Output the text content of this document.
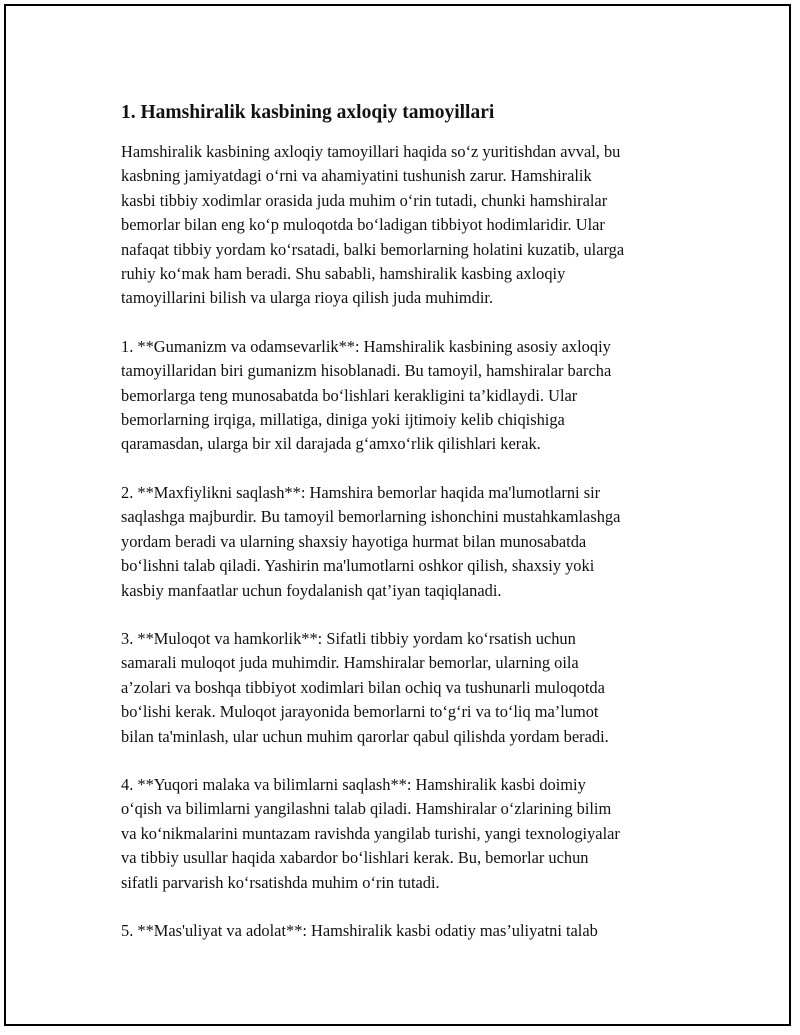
1. Hamshiralik kasbining axloqiy tamoyillari

Hamshiralik kasbining axloqiy tamoyillari haqida so‘z yuritishdan avval, bu
kasbning jamiyatdagi o‘rni va ahamiyatini tushunish zarur. Hamshiralik
kasbi tibbiy xodimlar orasida juda muhim o‘rin tutadi, chunki hamshiralar
bemorlar bilan eng ko‘p muloqotda bo‘ladigan tibbiyot hodimlaridir. Ular
nafaqat tibbiy yordam ko‘rsatadi, balki bemorlarning holatini kuzatib, ularga
ruhiy ko‘mak ham beradi. Shu sababli, hamshiralik kasbing axloqiy
tamoyillarini bilish va ularga rioya qilish juda muhimdir.

1. **Gumanizm va odamsevarlik**: Hamshiralik kasbining asosiy axloqiy
tamoyillaridan biri gumanizm hisoblanadi. Bu tamoyil, hamshiralar barcha
bemorlarga teng munosabatda bo‘lishlari kerakligini ta’kidlaydi. Ular
bemorlarning irqiga, millatiga, diniga yoki ijtimoiy kelib chiqishiga
qaramasdan, ularga bir xil darajada g‘amxo‘rlik qilishlari kerak.

2. **Maxfiylikni saqlash**: Hamshira bemorlar haqida ma'lumotlarni sir
saqlashga majburdir. Bu tamoyil bemorlarning ishonchini mustahkamlashga
yordam beradi va ularning shaxsiy hayotiga hurmat bilan munosabatda
bo‘lishni talab qiladi. Yashirin ma'lumotlarni oshkor qilish, shaxsiy yoki
kasbiy manfaatlar uchun foydalanish qat’iyan taqiqlanadi.

3. **Muloqot va hamkorlik**: Sifatli tibbiy yordam ko‘rsatish uchun
samarali muloqot juda muhimdir. Hamshiralar bemorlar, ularning oila
a’zolari va boshqa tibbiyot xodimlari bilan ochiq va tushunarli muloqotda
bo‘lishi kerak. Muloqot jarayonida bemorlarni to‘g‘ri va to‘liq ma’lumot
bilan ta'minlash, ular uchun muhim qarorlar qabul qilishda yordam beradi.

4. **Yuqori malaka va bilimlarni saqlash**: Hamshiralik kasbi doimiy
o‘qish va bilimlarni yangilashni talab qiladi. Hamshiralar o‘zlarining bilim
va ko‘nikmalarini muntazam ravishda yangilab turishi, yangi texnologiyalar
va tibbiy usullar haqida xabardor bo‘lishlari kerak. Bu, bemorlar uchun
sifatli parvarish ko‘rsatishda muhim o‘rin tutadi.

5. **Mas'uliyat va adolat**: Hamshiralik kasbi odatiy mas’uliyatni talab
